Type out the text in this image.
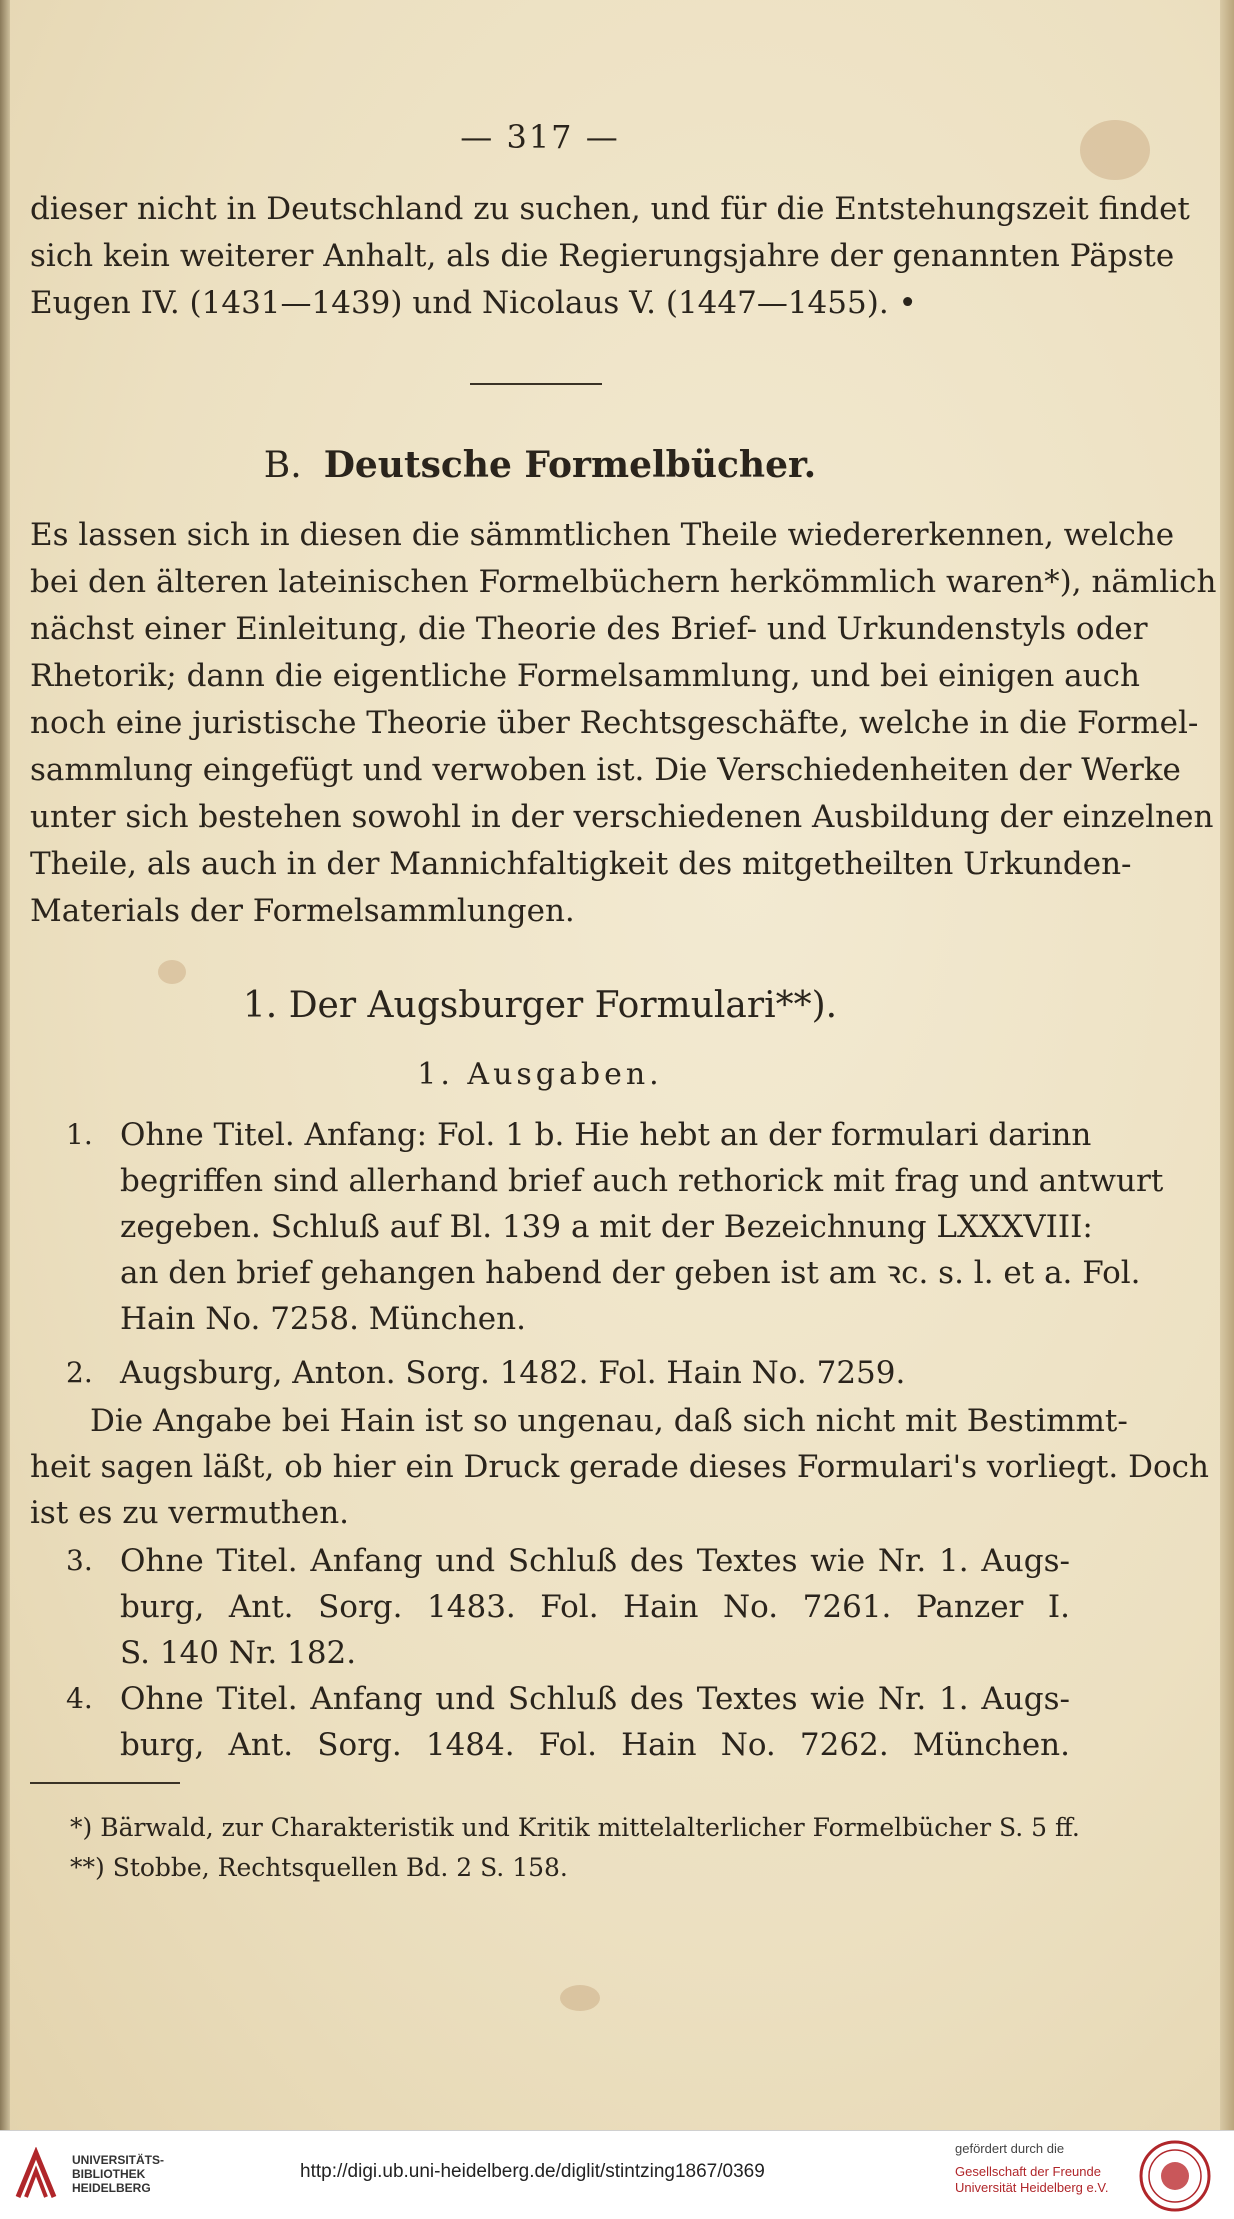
— 317 —
dieser nicht in Deutschland zu suchen, und für die Entstehungszeit findet
sich kein weiterer Anhalt, als die Regierungsjahre der genannten Päpste
Eugen IV. (1431—1439) und Nicolaus V. (1447—1455). •
B. Deutsche Formelbücher.
Es lassen sich in diesen die sämmtlichen Theile wiedererkennen, welche
bei den älteren lateinischen Formelbüchern herkömmlich waren*), nämlich
nächst einer Einleitung, die Theorie des Brief- und Urkundenstyls oder
Rhetorik; dann die eigentliche Formelsammlung, und bei einigen auch
noch eine juristische Theorie über Rechtsgeschäfte, welche in die Formel-
sammlung eingefügt und verwoben ist. Die Verschiedenheiten der Werke
unter sich bestehen sowohl in der verschiedenen Ausbildung der einzelnen
Theile, als auch in der Mannichfaltigkeit des mitgetheilten Urkunden-
Materials der Formelsammlungen.
1. Der Augsburger Formulari**).
1. Ausgaben.
1. Ohne Titel. Anfang: Fol. 1 b. Hie hebt an der formulari darinn
begriffen sind allerhand brief auch rethorick mit frag und antwurt
zegeben. Schluß auf Bl. 139 a mit der Bezeichnung LXXXVIII:
an den brief gehangen habend der geben ist am ꝛc. s. l. et a. Fol.
Hain No. 7258. München.
2. Augsburg, Anton. Sorg. 1482. Fol. Hain No. 7259.
Die Angabe bei Hain ist so ungenau, daß sich nicht mit Bestimmt-
heit sagen läßt, ob hier ein Druck gerade dieses Formulari's vorliegt. Doch
ist es zu vermuthen.
3. Ohne Titel. Anfang und Schluß des Textes wie Nr. 1. Augs-
burg, Ant. Sorg. 1483. Fol. Hain No. 7261. Panzer I.
S. 140 Nr. 182.
4. Ohne Titel. Anfang und Schluß des Textes wie Nr. 1. Augs-
burg, Ant. Sorg. 1484. Fol. Hain No. 7262. München.
*) Bärwald, zur Charakteristik und Kritik mittelalterlicher Formelbücher S. 5 ff.
**) Stobbe, Rechtsquellen Bd. 2 S. 158.
UNIVERSITÄTS-
BIBLIOTHEK
HEIDELBERG
http://digi.ub.uni-heidelberg.de/diglit/stintzing1867/0369
gefördert durch die
Gesellschaft der Freunde
Universität Heidelberg e.V.
